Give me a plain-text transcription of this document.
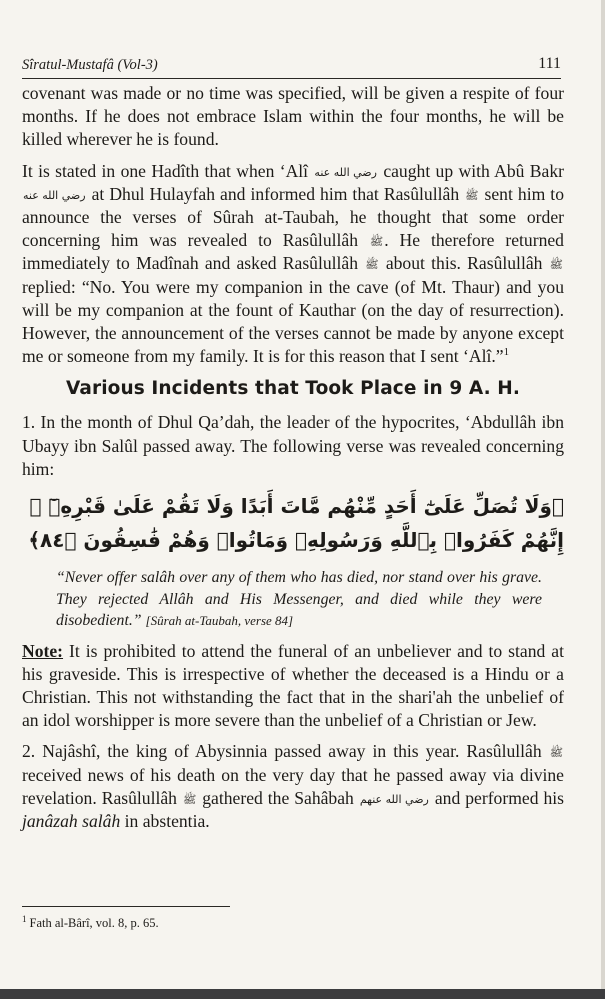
Sîratul-Mustafâ (Vol-3)	111

covenant was made or no time was specified, will be given a respite of four months. If he does not embrace Islam within the four months, he will be killed wherever he is found.

It is stated in one Hadîth that when ‘Alî رضي الله عنه caught up with Abû Bakr رضي الله عنه at Dhul Hulayfah and informed him that Rasûlullâh ﷺ sent him to announce the verses of Sûrah at-Taubah, he thought that some order concerning him was revealed to Rasûlullâh ﷺ. He therefore returned immediately to Madînah and asked Rasûlullâh ﷺ about this. Rasûlullâh ﷺ replied: “No. You were my companion in the cave (of Mt. Thaur) and you will be my companion at the fount of Kauthar (on the day of resurrection). However, the announcement of the verses cannot be made by anyone except me or someone from my family. It is for this reason that I sent ‘Alî.”$^1$

Various Incidents that Took Place in 9 A. H.

1. In the month of Dhul Qa’dah, the leader of the hypocrites, ‘Abdullâh ibn Ubayy ibn Salûl passed away. The following verse was revealed concerning him:

﴿وَلَا تُصَلِّ عَلَىٰٓ أَحَدٍ مِّنْهُم مَّاتَ أَبَدًا وَلَا تَقُمْ عَلَىٰ قَبْرِهِۦٓ ۖ إِنَّهُمْ كَفَرُوا۟ بِٱللَّهِ وَرَسُولِهِۦ وَمَاتُوا۟ وَهُمْ فَٰسِقُونَ ﴿٨٤﴾
“Never offer salâh over any of them who has died, nor stand over his grave. They rejected Allâh and His Messenger, and died while they were disobedient.” [Sûrah at-Taubah, verse 84]

Note: It is prohibited to attend the funeral of an unbeliever and to stand at his graveside. This is irrespective of whether the deceased is a Hindu or a Christian. This not withstanding the fact that in the shari'ah the unbelief of an idol worshipper is more severe than the unbelief of a Christian or Jew.

2. Najâshî, the king of Abysinnia passed away in this year. Rasûlullâh ﷺ received news of his death on the very day that he passed away via divine revelation. Rasûlullâh ﷺ gathered the Sahâbah رضي الله عنهم and performed his janâzah salâh in abstentia.

$^1$ Fath al-Bârî, vol. 8, p. 65.
